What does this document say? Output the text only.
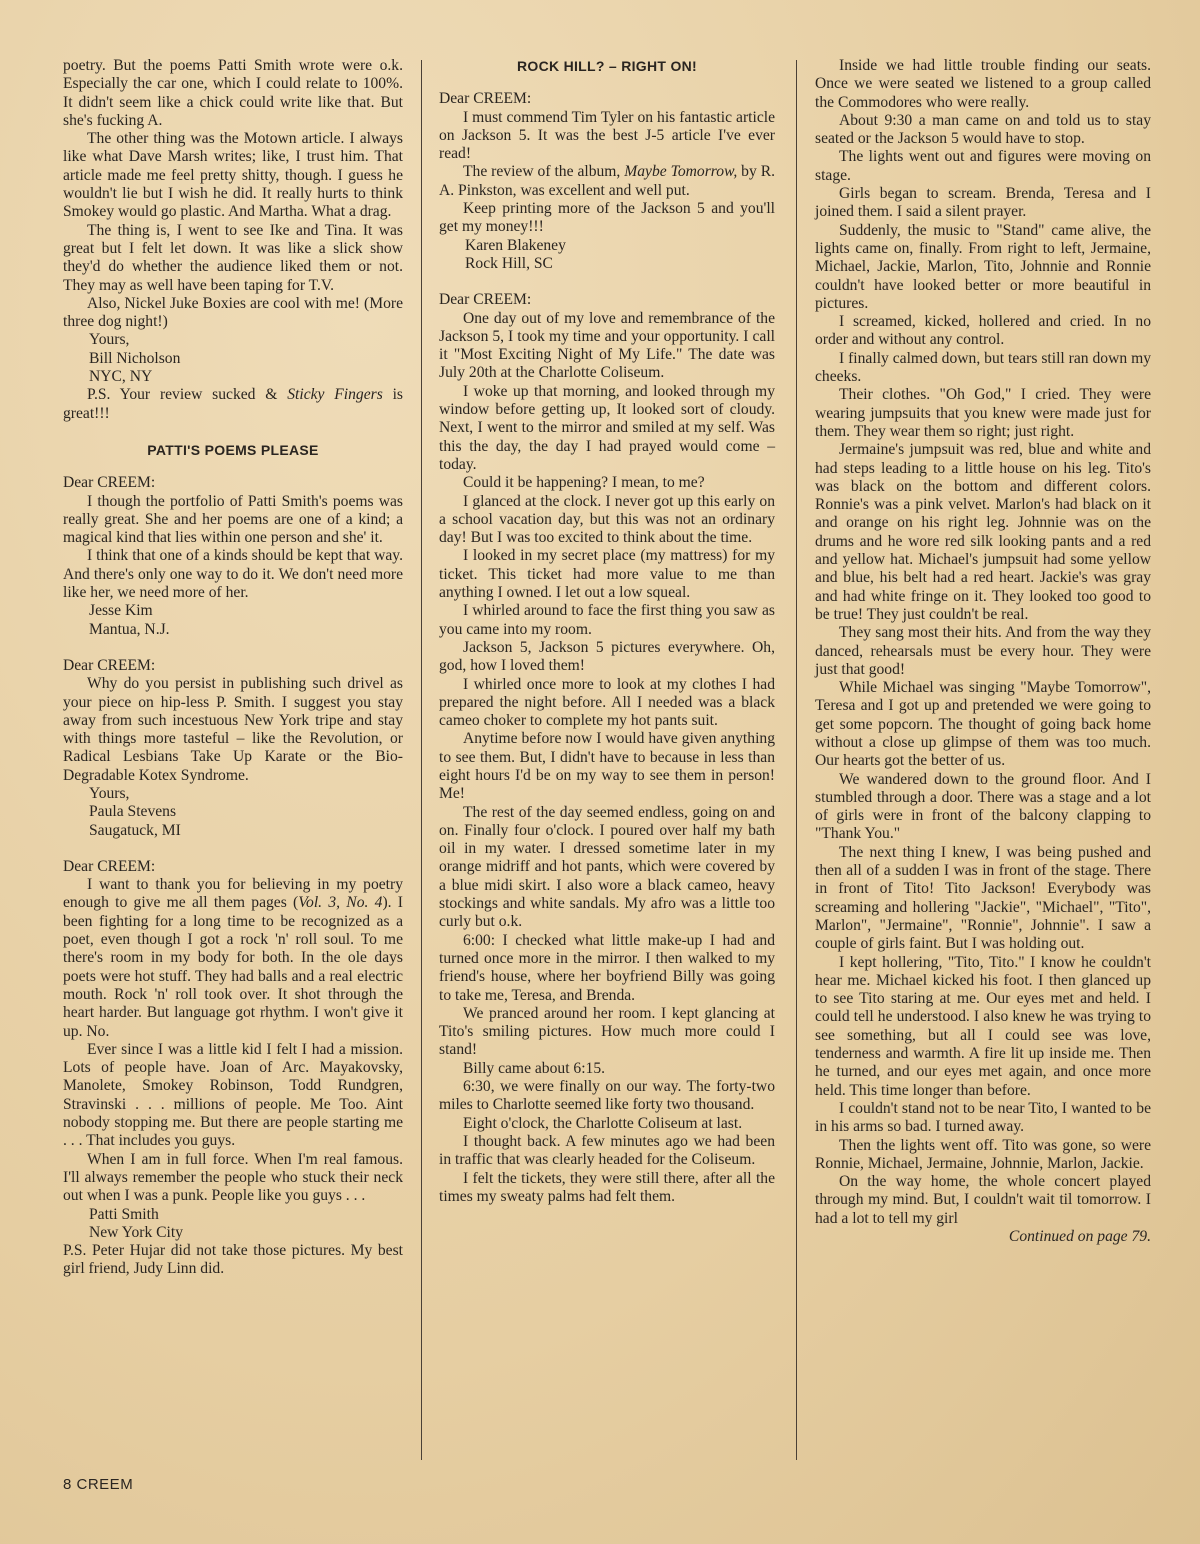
poetry. But the poems Patti Smith wrote were o.k. Especially the car one, which I could relate to 100%. It didn't seem like a chick could write like that. But she's fucking A.

The other thing was the Motown article. I always like what Dave Marsh writes; like, I trust him. That article made me feel pretty shitty, though. I guess he wouldn't lie but I wish he did. It really hurts to think Smokey would go plastic. And Martha. What a drag.

The thing is, I went to see Ike and Tina. It was great but I felt let down. It was like a slick show they'd do whether the audience liked them or not. They may as well have been taping for T.V.

Also, Nickel Juke Boxies are cool with me! (More three dog night!)

Yours,

Bill Nicholson

NYC, NY

P.S. Your review sucked & Sticky Fingers is great!!!

PATTI'S POEMS PLEASE

Dear CREEM:

I though the portfolio of Patti Smith's poems was really great. She and her poems are one of a kind; a magical kind that lies within one person and she' it.

I think that one of a kinds should be kept that way. And there's only one way to do it. We don't need more like her, we need more of her.

Jesse Kim

Mantua, N.J.

Dear CREEM:

Why do you persist in publishing such drivel as your piece on hip-less P. Smith. I suggest you stay away from such incestuous New York tripe and stay with things more tasteful – like the Revolution, or Radical Lesbians Take Up Karate or the Bio-Degradable Kotex Syndrome.

Yours,

Paula Stevens

Saugatuck, MI

Dear CREEM:

I want to thank you for believing in my poetry enough to give me all them pages (Vol. 3, No. 4). I been fighting for a long time to be recognized as a poet, even though I got a rock 'n' roll soul. To me there's room in my body for both. In the ole days poets were hot stuff. They had balls and a real electric mouth. Rock 'n' roll took over. It shot through the heart harder. But language got rhythm. I won't give it up. No.

Ever since I was a little kid I felt I had a mission. Lots of people have. Joan of Arc. Mayakovsky, Manolete, Smokey Robinson, Todd Rundgren, Stravinski . . . millions of people. Me Too. Aint nobody stopping me. But there are people starting me . . . That includes you guys.

When I am in full force. When I'm real famous. I'll always remember the people who stuck their neck out when I was a punk. People like you guys . . .

Patti Smith

New York City

P.S. Peter Hujar did not take those pictures. My best girl friend, Judy Linn did.

ROCK HILL? – RIGHT ON!

Dear CREEM:

I must commend Tim Tyler on his fantastic article on Jackson 5. It was the best J-5 article I've ever read!

The review of the album, Maybe Tomorrow, by R. A. Pinkston, was excellent and well put.

Keep printing more of the Jackson 5 and you'll get my money!!!

Karen Blakeney

Rock Hill, SC

Dear CREEM:

One day out of my love and remembrance of the Jackson 5, I took my time and your opportunity. I call it "Most Exciting Night of My Life." The date was July 20th at the Charlotte Coliseum.

I woke up that morning, and looked through my window before getting up, It looked sort of cloudy. Next, I went to the mirror and smiled at my self. Was this the day, the day I had prayed would come – today.

Could it be happening? I mean, to me?

I glanced at the clock. I never got up this early on a school vacation day, but this was not an ordinary day! But I was too excited to think about the time.

I looked in my secret place (my mattress) for my ticket. This ticket had more value to me than anything I owned. I let out a low squeal.

I whirled around to face the first thing you saw as you came into my room.

Jackson 5, Jackson 5 pictures everywhere. Oh, god, how I loved them!

I whirled once more to look at my clothes I had prepared the night before. All I needed was a black cameo choker to complete my hot pants suit.

Anytime before now I would have given anything to see them. But, I didn't have to because in less than eight hours I'd be on my way to see them in person! Me!

The rest of the day seemed endless, going on and on. Finally four o'clock. I poured over half my bath oil in my water. I dressed sometime later in my orange midriff and hot pants, which were covered by a blue midi skirt. I also wore a black cameo, heavy stockings and white sandals. My afro was a little too curly but o.k.

6:00: I checked what little make-up I had and turned once more in the mirror. I then walked to my friend's house, where her boyfriend Billy was going to take me, Teresa, and Brenda.

We pranced around her room. I kept glancing at Tito's smiling pictures. How much more could I stand!

Billy came about 6:15.

6:30, we were finally on our way. The forty-two miles to Charlotte seemed like forty two thousand.

Eight o'clock, the Charlotte Coliseum at last.

I thought back. A few minutes ago we had been in traffic that was clearly headed for the Coliseum.

I felt the tickets, they were still there, after all the times my sweaty palms had felt them.

Inside we had little trouble finding our seats. Once we were seated we listened to a group called the Commodores who were really.

About 9:30 a man came on and told us to stay seated or the Jackson 5 would have to stop.

The lights went out and figures were moving on stage.

Girls began to scream. Brenda, Teresa and I joined them. I said a silent prayer.

Suddenly, the music to "Stand" came alive, the lights came on, finally. From right to left, Jermaine, Michael, Jackie, Marlon, Tito, Johnnie and Ronnie couldn't have looked better or more beautiful in pictures.

I screamed, kicked, hollered and cried. In no order and without any control.

I finally calmed down, but tears still ran down my cheeks.

Their clothes. "Oh God," I cried. They were wearing jumpsuits that you knew were made just for them. They wear them so right; just right.

Jermaine's jumpsuit was red, blue and white and had steps leading to a little house on his leg. Tito's was black on the bottom and different colors. Ronnie's was a pink velvet. Marlon's had black on it and orange on his right leg. Johnnie was on the drums and he wore red silk looking pants and a red and yellow hat. Michael's jumpsuit had some yellow and blue, his belt had a red heart. Jackie's was gray and had white fringe on it. They looked too good to be true! They just couldn't be real.

They sang most their hits. And from the way they danced, rehearsals must be every hour. They were just that good!

While Michael was singing "Maybe Tomorrow", Teresa and I got up and pretended we were going to get some popcorn. The thought of going back home without a close up glimpse of them was too much. Our hearts got the better of us.

We wandered down to the ground floor. And I stumbled through a door. There was a stage and a lot of girls were in front of the balcony clapping to "Thank You."

The next thing I knew, I was being pushed and then all of a sudden I was in front of the stage. There in front of Tito! Tito Jackson! Everybody was screaming and hollering "Jackie", "Michael", "Tito", Marlon", "Jermaine", "Ronnie", Johnnie". I saw a couple of girls faint. But I was holding out.

I kept hollering, "Tito, Tito." I know he couldn't hear me. Michael kicked his foot. I then glanced up to see Tito staring at me. Our eyes met and held. I could tell he understood. I also knew he was trying to see something, but all I could see was love, tenderness and warmth. A fire lit up inside me. Then he turned, and our eyes met again, and once more held. This time longer than before.

I couldn't stand not to be near Tito, I wanted to be in his arms so bad. I turned away.

Then the lights went off. Tito was gone, so were Ronnie, Michael, Jermaine, Johnnie, Marlon, Jackie.

On the way home, the whole concert played through my mind. But, I couldn't wait til tomorrow. I had a lot to tell my girl

Continued on page 79.

8 CREEM
